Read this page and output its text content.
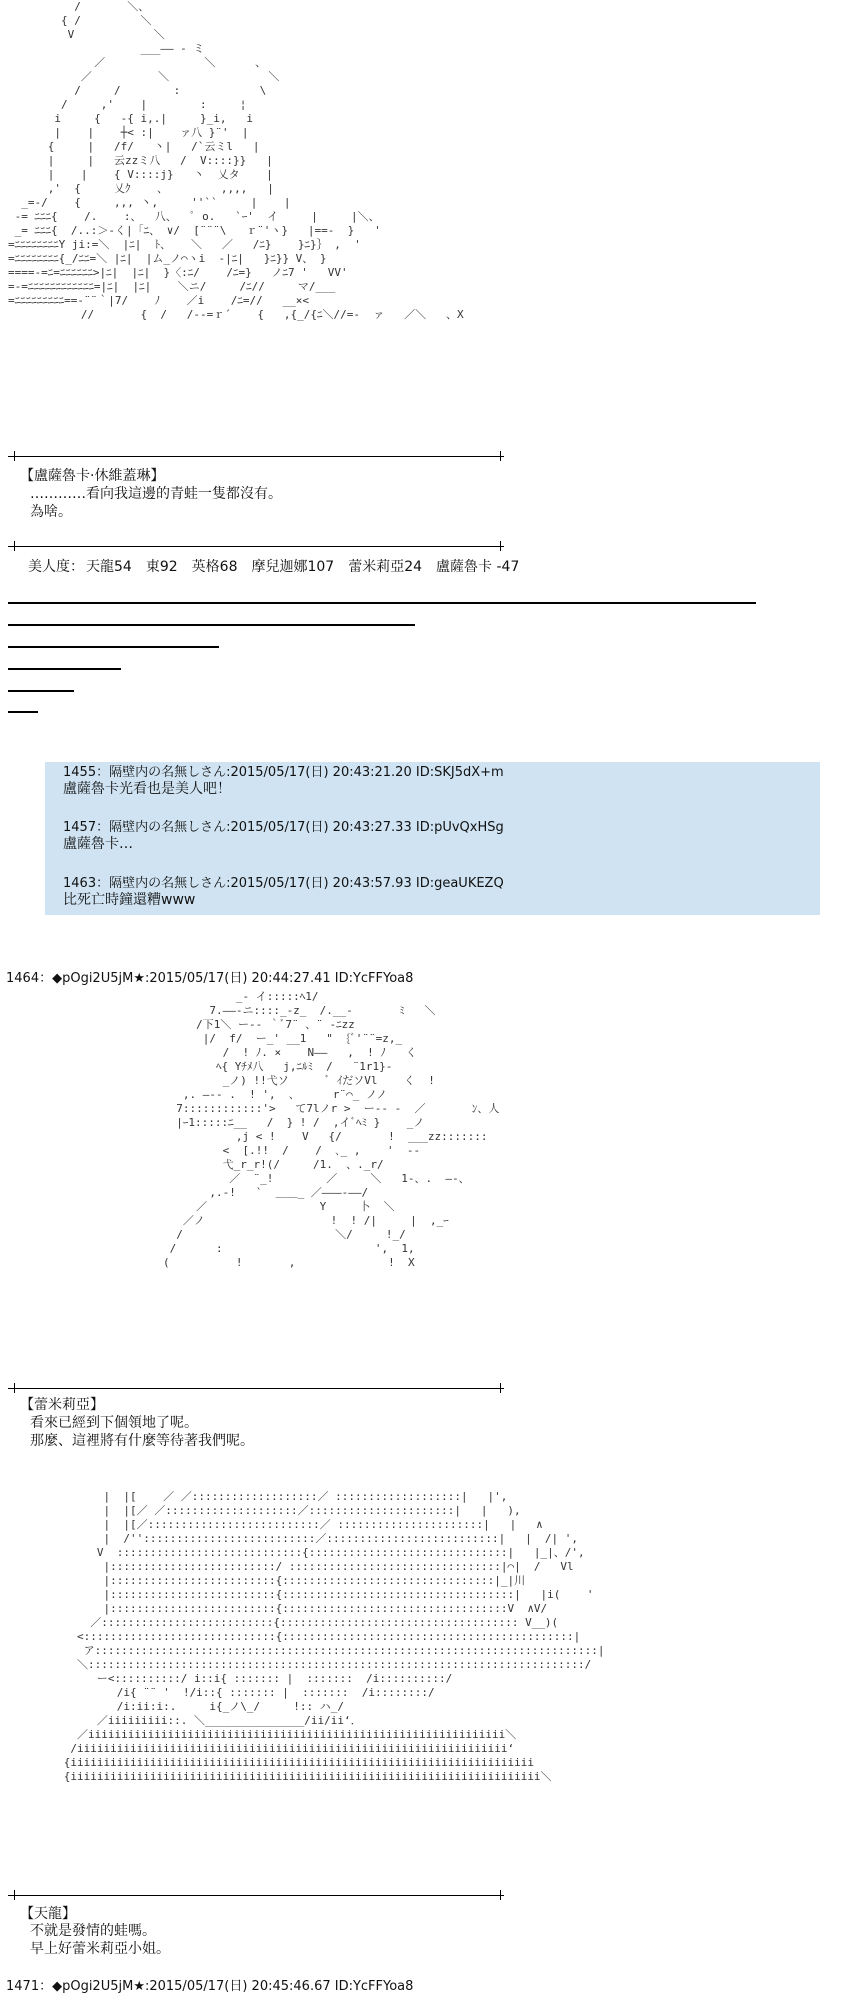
/       ＼、
{ /         ＼
V            ＼
___—— - ミ
／               ＼      、
／          ＼               ＼
/     /        :            \
/     ,'    |        :     ¦
i     {   ‐{ i,.|     }_i,   i
|    |    ┼< :|    ァ八 }¨'  |
{     |   /f/   丶|   /`云ミl   |
|     |   云zzミ八   /  V::::}}   |
|    |    { V::::j}   丶  乂タ    |
,'  {     乂ｸ    、        ,,,,   |
_=‐/    {     ,,, 丶,     ''``     |    |
-= ﾆﾆﾆ{    /.    :、  八、  ﾟ o.   `ｰ'  イ     |     |＼、
_= ﾆﾆﾆ{  /..:＞‐く|「ﾆ、 ∨/  [¨¨¨\   ｒ¨'ヽ}   |==‐  }   '
=ﾆﾆﾆﾆﾆﾆﾆﾆY ji:=＼  |ﾆ|  ﾄ、   ＼   ／   /ﾆ}    }ﾆ}｝ ,  '
=ﾆﾆﾆﾆﾆﾆﾆﾆ{_/ﾆﾆ=＼ |ﾆ|  |ム_ノ⌒ヽi  ‐|ﾆ|   }ﾆ}} V、 }
====‐=ﾆ=ﾆﾆﾆﾆﾆﾆ>|ﾆ|  |ﾆ|  }〈:ﾆ/    /ﾆ=}   ノﾆ7 '   VV'
=‐=ﾆﾆﾆﾆﾆﾆﾆﾆﾆﾆﾆﾆ=|ﾆ|  |ﾆ|    ＼ニ/     /ﾆ//     マ/___
=ﾆﾆﾆﾆﾆﾆﾆﾆﾆ==‐¨¨｀|7/    ﾉ    ／i    /ﾆ=//   __×<
//       {  /   /‐‐=ｒ´    {   ,{_/{ﾆ＼//=‐  ァ   ／＼   、X
【盧薩魯卡·休維蓋琳】
…………看向我這邊的青蛙一隻都沒有。
為啥。
美人度： 天龍54 東92 英格68 摩兒迦娜107 蕾米莉亞24 盧薩魯卡 -47
1455：隔壁内の名無しさん:2015/05/17(日) 20:43:21.20 ID:SKJ5dX+m
盧薩魯卡光看也是美人吧！
1457：隔壁内の名無しさん:2015/05/17(日) 20:43:27.33 ID:pUvQxHSg
盧薩魯卡…
1463：隔壁内の名無しさん:2015/05/17(日) 20:43:57.93 ID:geaUKEZQ
比死亡時鐘還糟www
1464：◆pOgi2U5jM★:2015/05/17(日) 20:44:27.41 ID:YcFFYoa8
_- イ:::::ﾍ1/
7.――-ニ::::_-z_  /.__-       ﾐ   ＼
/下1＼ ー-- ｀ﾞ7¨ 、¨ ‐ﾆzz
|/  f/  ー_' __1   "  {ﾞ'¨¨=z,_
/  ! ﾉ. ×    N――   ,  ! ﾉ   く
ﾍ{ Yﾁﾒ八   j,ﾆﾙﾐ  /   ¨1r1}‐
_ノ) !!弋ソ      ﾞ ｲだソVl    く  !
,. ―‐- .  ! ',  、     r¨⌒_ ノノ
7::::::::::::'>   て7lノr >  ー-- -  ／       ﾝ、人
|ｰ1:::::ﾆ__   /  } ! /  ,イﾞﾍﾐ }    _ノ
,j < !    V   {/       !  ___zz:::::::
<  [.!!  /    /  ､_ ,    '  --
弋_r_r!(/     /1.  、._r/
／  ¨_!        ／     ＼   1-、.  ―‐、
,.-!   `  ＿＿_ ／―――‐――/
／                 Y     卜  ＼
／ノ                   !  ! /|     |  ,_ｰ
/                       ＼/     !_/
/      :                       ',  1,
(          !       ,              !  X
【蕾米莉亞】
看來已經到下個領地了呢。
那麼、這裡將有什麼等待著我們呢。
|  |[    ／ ／:::::::::::::::::::／ :::::::::::::::::::|   |',
|  |[／ ／::::::::::::::::::::／::::::::::::::::::::::|   |   ),
|  |[／::::::::::::::::::::::::::／ ::::::::::::::::::::::|   |   ∧
|  /''::::::::::::::::::::::::::／::::::::::::::::::::::::::|   |  /| ',
V  ::::::::::::::::::::::::::::{::::::::::::::::::::::::::::::|   |_|、/',
|:::::::::::::::::::::::::/ ::::::::::::::::::::::::::::::::|⌒|  /   Vl
|:::::::::::::::::::::::::{::::::::::::::::::::::::::::::::|_|川
|:::::::::::::::::::::::::{:::::::::::::::::::::::::::::::::::|   |i(    '
|:::::::::::::::::::::::::{::::::::::::::::::::::::::::::::::V  ∧V/
／::::::::::::::::::::::::::{:::::::::::::::::::::::::::::::::::: V__)(
<:::::::::::::::::::::::::::::{::::::::::::::::::::::::::::::::::::::::::::|
ア::::::::::::::::::::::::::::::::::::::::::::::::::::::::::::::::::::::::::::|
＼:::::::::::::::::::::::::::::::::::::::::::::::::::::::::::::::::::::::::::/
ー<::::::::::/ i::i{ ::::::: |  :::::::  /i::::::::::/
/i{ ¨¨ '  !/i::{ ::::::: |  :::::::  /i::::::::/
/i:ii:i:.     i{_ノ\_/     !:: ハ_/
／iiiiiiiii::. ＼_______________/ii/ii‘．
／iiiiiiiiiiiiiiiiiiiiiiiiiiiiiiiiiiiiiiiiiiiiiiiiiiiiiiiiiiiiiii＼
/iiiiiiiiiiiiiiiiiiiiiiiiiiiiiiiiiiiiiiiiiiiiiiiiiiiiiiiiiiiiiiiii‘
{iiiiiiiiiiiiiiiiiiiiiiiiiiiiiiiiiiiiiiiiiiiiiiiiiiiiiiiiiiiiiiiiiiiiii
{iiiiiiiiiiiiiiiiiiiiiiiiiiiiiiiiiiiiiiiiiiiiiiiiiiiiiiiiiiiiiiiiiiiiiii＼
【天龍】
不就是發情的蛙嗎。
早上好蕾米莉亞小姐。
1471：◆pOgi2U5jM★:2015/05/17(日) 20:45:46.67 ID:YcFFYoa8
